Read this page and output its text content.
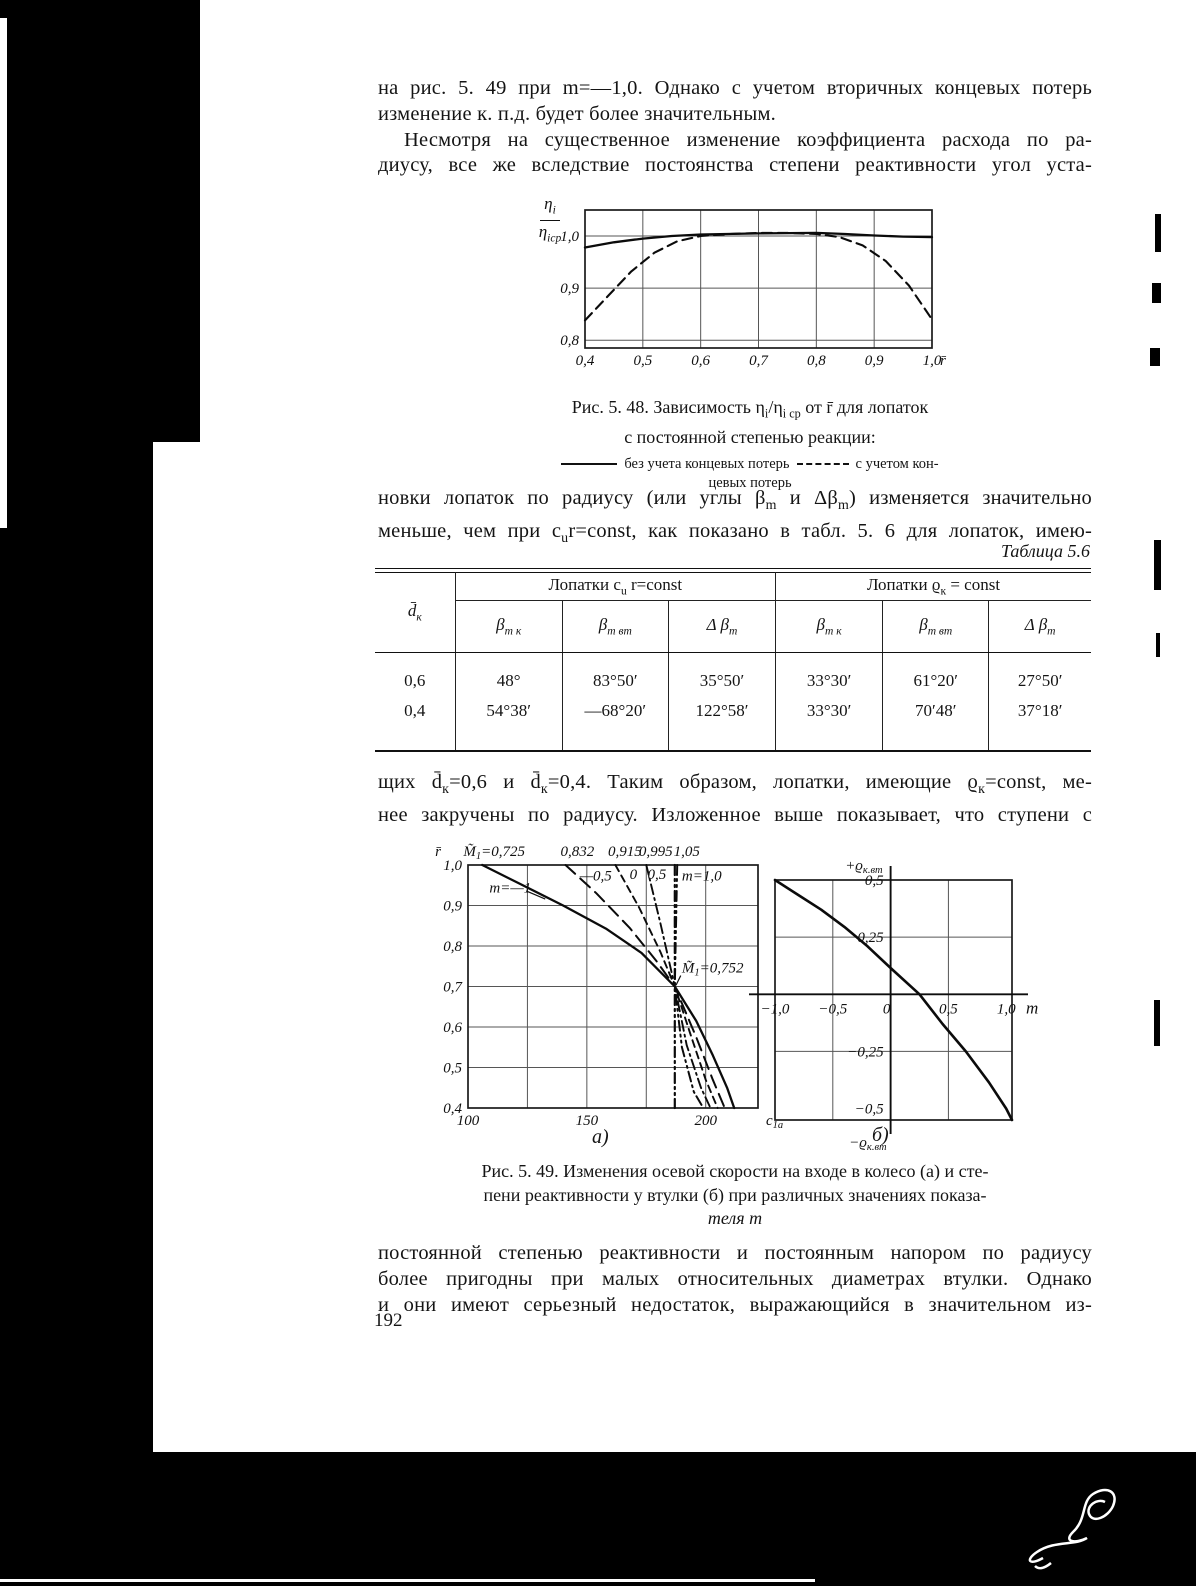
на рис. 5. 49 при m=—1,0. Однако с учетом вторичных концевых потерь
изменение к. п.д. будет более значительным.
Несмотря на существенное изменение коэффициента расхода по ра-
диусу, все же вследствие постоянства степени реактивности угол уста-
$\eta_i$
$\eta_{iср}$
0,4	0,5	0,6	0,7	0,8	0,9	1,0
1,0
0,9
0,8
r̄
Рис. 5. 48. Зависимость $\eta_i/\eta_{i ср}$ от r̄ для лопаток
с постоянной степенью реакции:
без учета концевых потерь	с учетом кон-
цевых потерь
новки лопаток по радиусу (или углы $\beta_m$ и $\Delta\beta_m$) изменяется значительно
меньше, чем при $c_ur=const$, как показано в табл. 5. 6 для лопаток, имею-
Таблица 5.6
$d̄_к$	Лопатки $c_u$ r=const			Лопатки $ϱ_к$ = const		
	$\beta_{m к}$	$\beta_{m вт}$	Δ $\beta_m$	$\beta_{m к}$	$\beta_{m вт}$	Δ $\beta_m$
0,6	48°	83°50′	35°50′	33°30′	61°20′	27°50′
0,4	54°38′	—68°20′	122°58′	33°30′	70′48′	37°18′

щих $d̄_к=0,6$ и $d̄_к=0,4$. Таким образом, лопатки, имеющие $ϱ_к=const$, ме-
нее закручены по радиусу. Изложенное выше показывает, что ступени с
100	150	200
1,0
0,9
0,8
0,7
0,6
0,5
0,4
$M̃_1=0,725$ 0,832 0,915
0,995 1,05
r̄
m=—1
—0,5 0 0,5 m=1,0
$M̃_1=0,752$
$c_{1a}$
−1,0 −0,5 0	0,5	1,0
0,5
0,25
−0,25
−0,5
m
$+ϱ_{к.вт}$
$-ϱ_{к.вт}$
а)	б)
Рис. 5. 49. Изменения осевой скорости на входе в колесо (а) и сте-
пени реактивности у втулки (б) при различных значениях показа-
теля m
постоянной степенью реактивности и постоянным напором по радиусу
более пригодны при малых относительных диаметрах втулки. Однако
и они имеют серьезный недостаток, выражающийся в значительном из-
192
